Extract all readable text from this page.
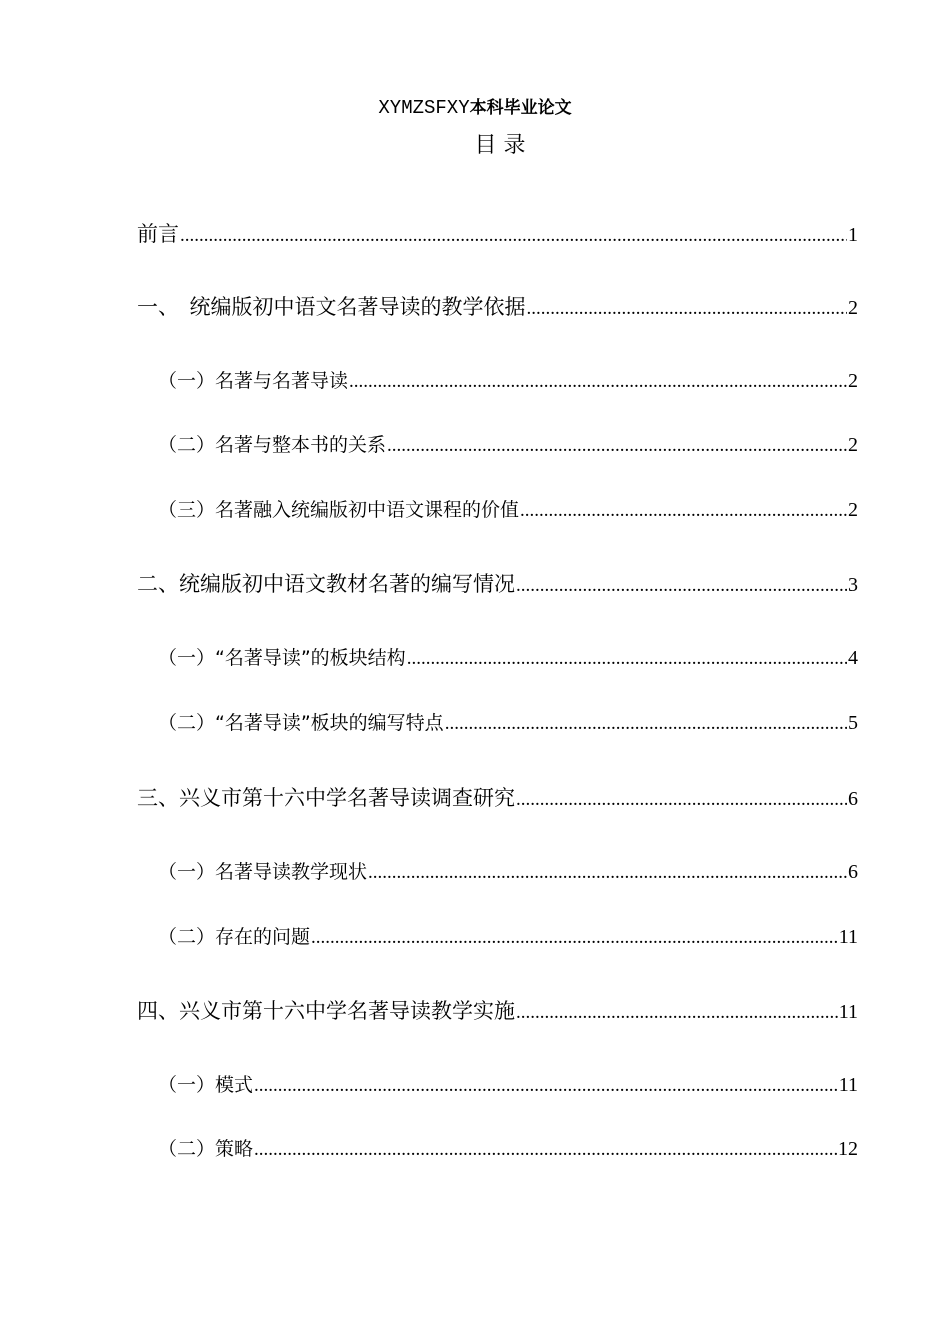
XYMZSFXY本科毕业论文
目 录
前言 .....	1
一、　统编版初中语文名著导读的教学依据 .....	2
（一）名著与名著导读 .....	2
（二）名著与整本书的关系 .....	2
（三）名著融入统编版初中语文课程的价值 .....	2
二、统编版初中语文教材名著的编写情况 .....	3
（一）“名著导读”的板块结构 .....	4
（二）“名著导读”板块的编写特点 .....	5
三、兴义市第十六中学名著导读调查研究 .....	6
（一）名著导读教学现状 .....	6
（二）存在的问题 .....	11
四、兴义市第十六中学名著导读教学实施 .....	11
（一）模式 .....	11
（二）策略 .....	12
